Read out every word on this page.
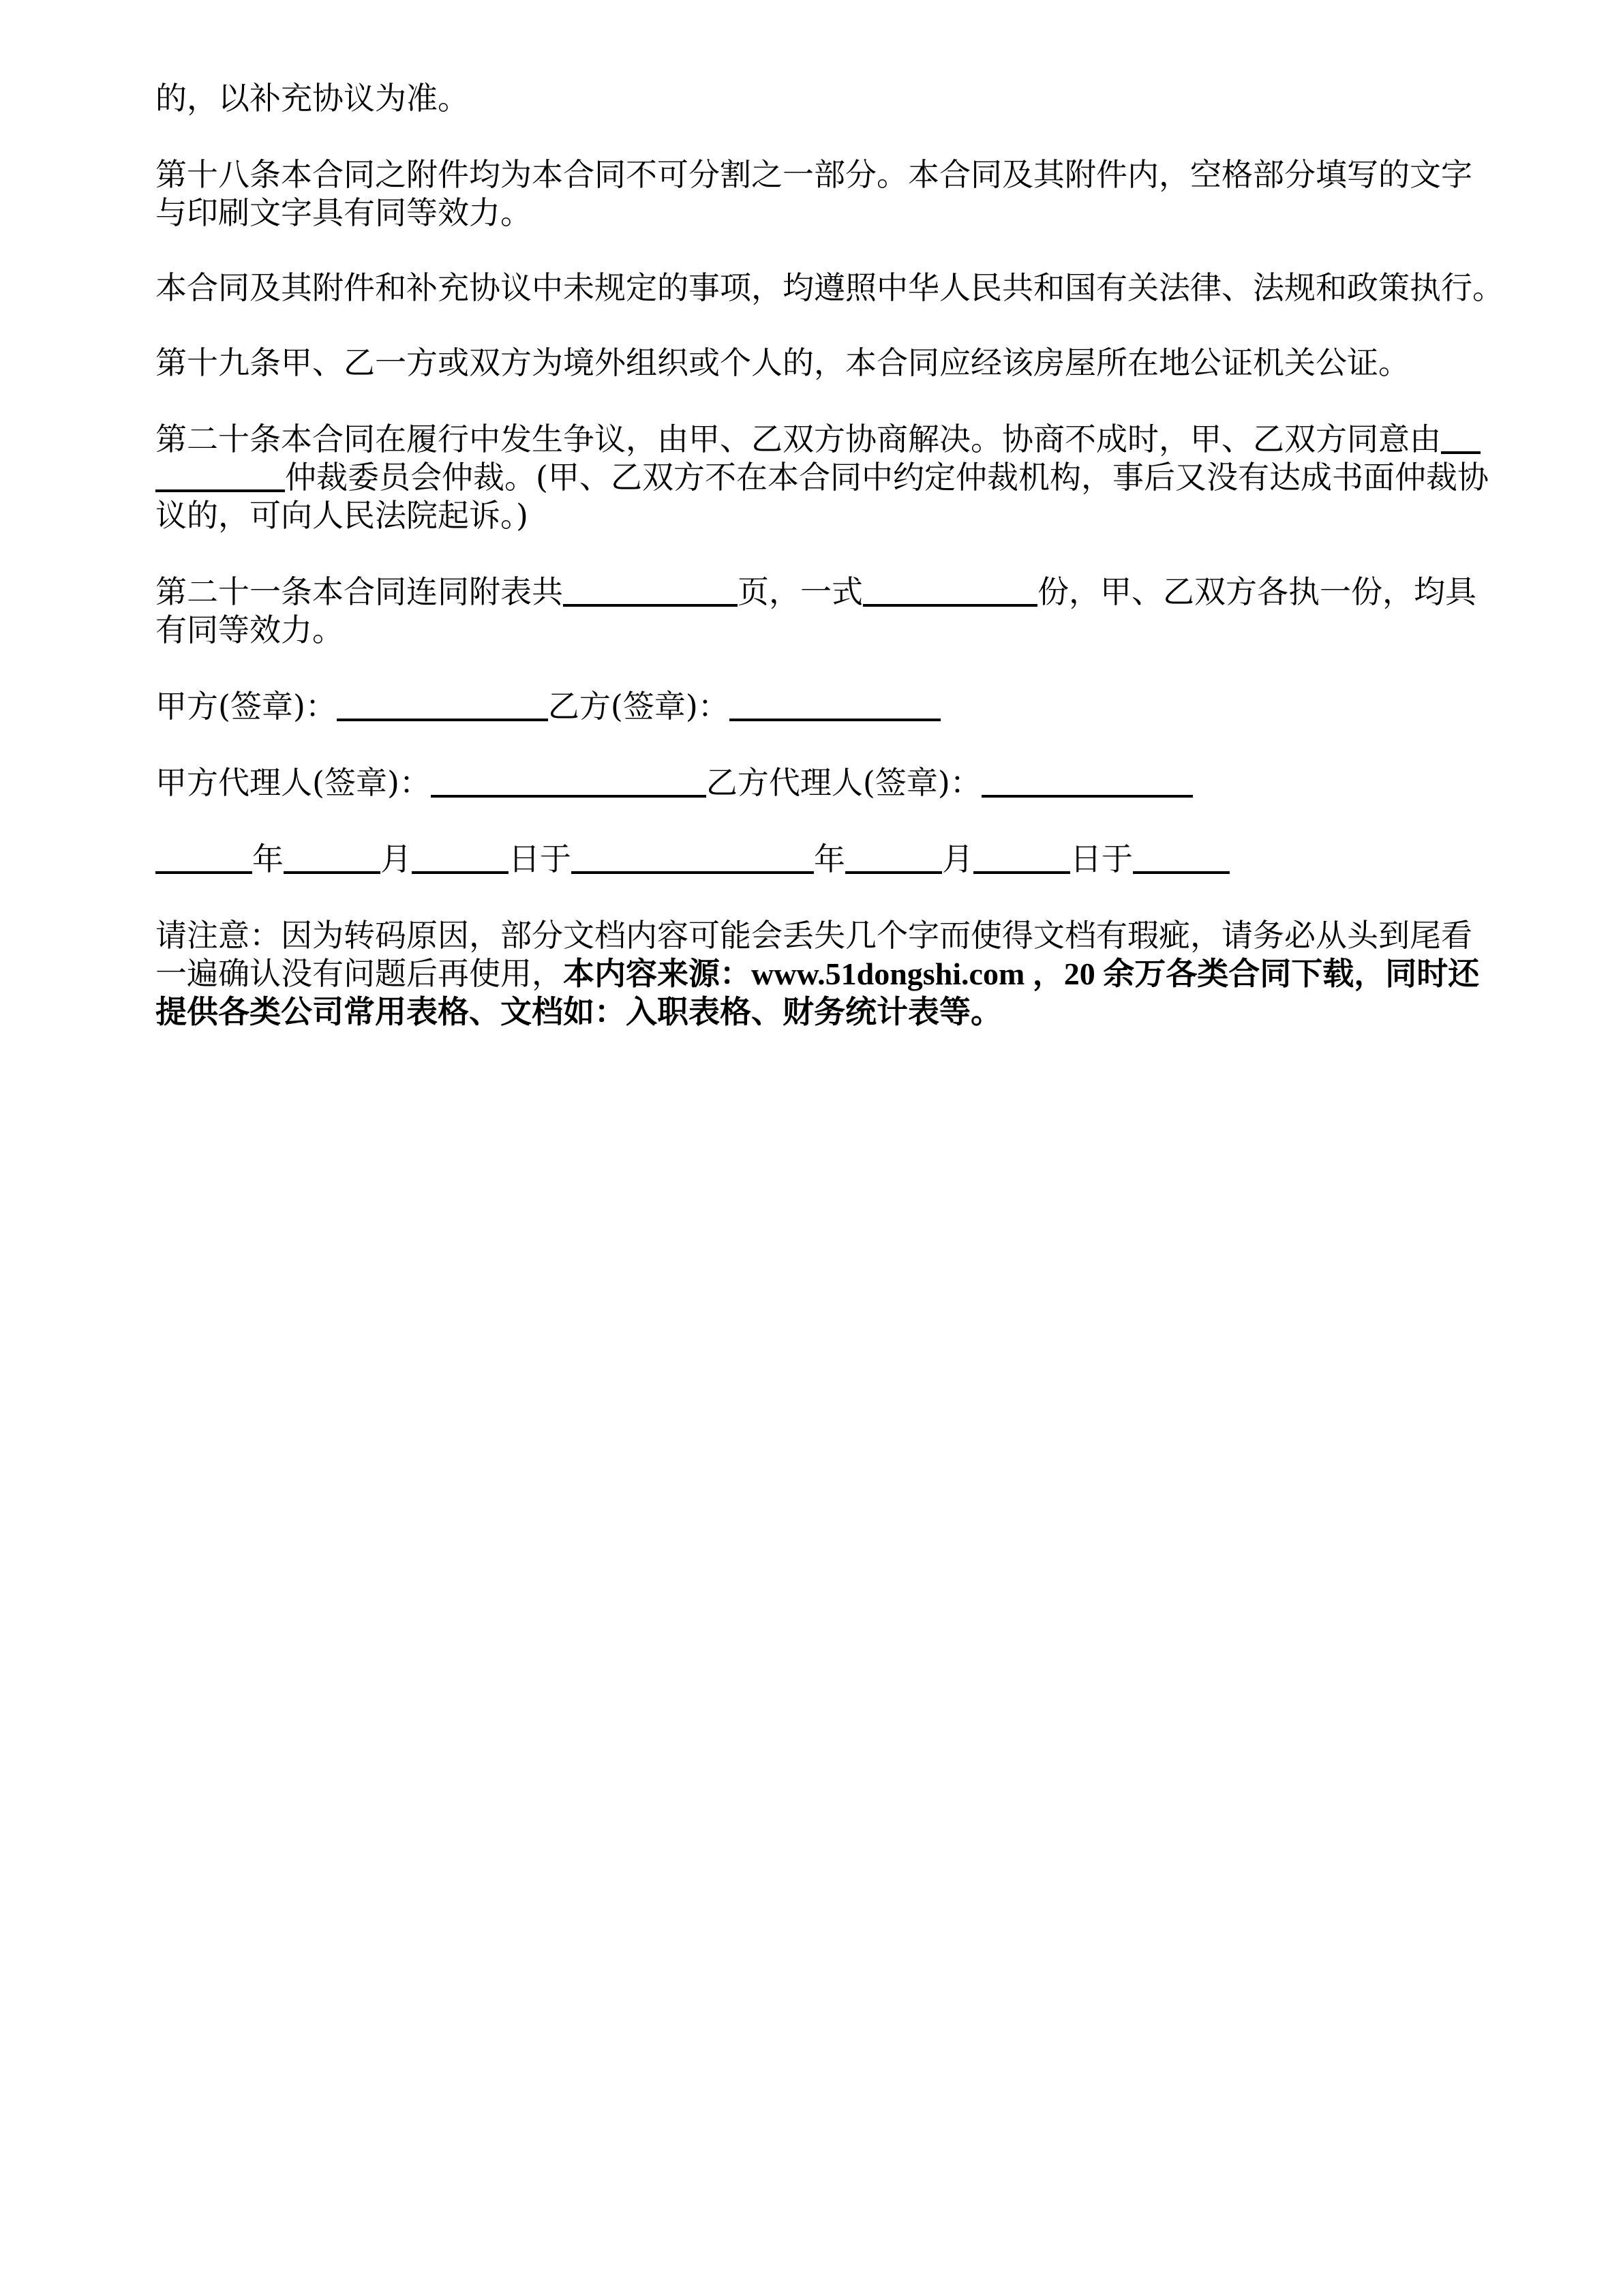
的，以补充协议为准。

第十八条本合同之附件均为本合同不可分割之一部分。本合同及其附件内，空格部分填写的文字

与印刷文字具有同等效力。

本合同及其附件和补充协议中未规定的事项，均遵照中华人民共和国有关法律、法规和政策执行。

第十九条甲、乙一方或双方为境外组织或个人的，本合同应经该房屋所在地公证机关公证。

第二十条本合同在履行中发生争议，由甲、乙双方协商解决。协商不成时，甲、乙双方同意由

仲裁委员会仲裁。(甲、乙双方不在本合同中约定仲裁机构，事后又没有达成书面仲裁协

议的，可向人民法院起诉。)

第二十一条本合同连同附表共	页，一式	份，甲、乙双方各执一份，均具

有同等效力。

甲方(签章)：	乙方(签章)：

甲方代理人(签章)：	乙方代理人(签章)：

年	月	日于	年	月	日于

请注意：因为转码原因，部分文档内容可能会丢失几个字而使得文档有瑕疵，请务必从头到尾看

一遍确认没有问题后再使用，本内容来源：www.51dongshi.com ，20 余万各类合同下载，同时还

提供各类公司常用表格、文档如：入职表格、财务统计表等。
